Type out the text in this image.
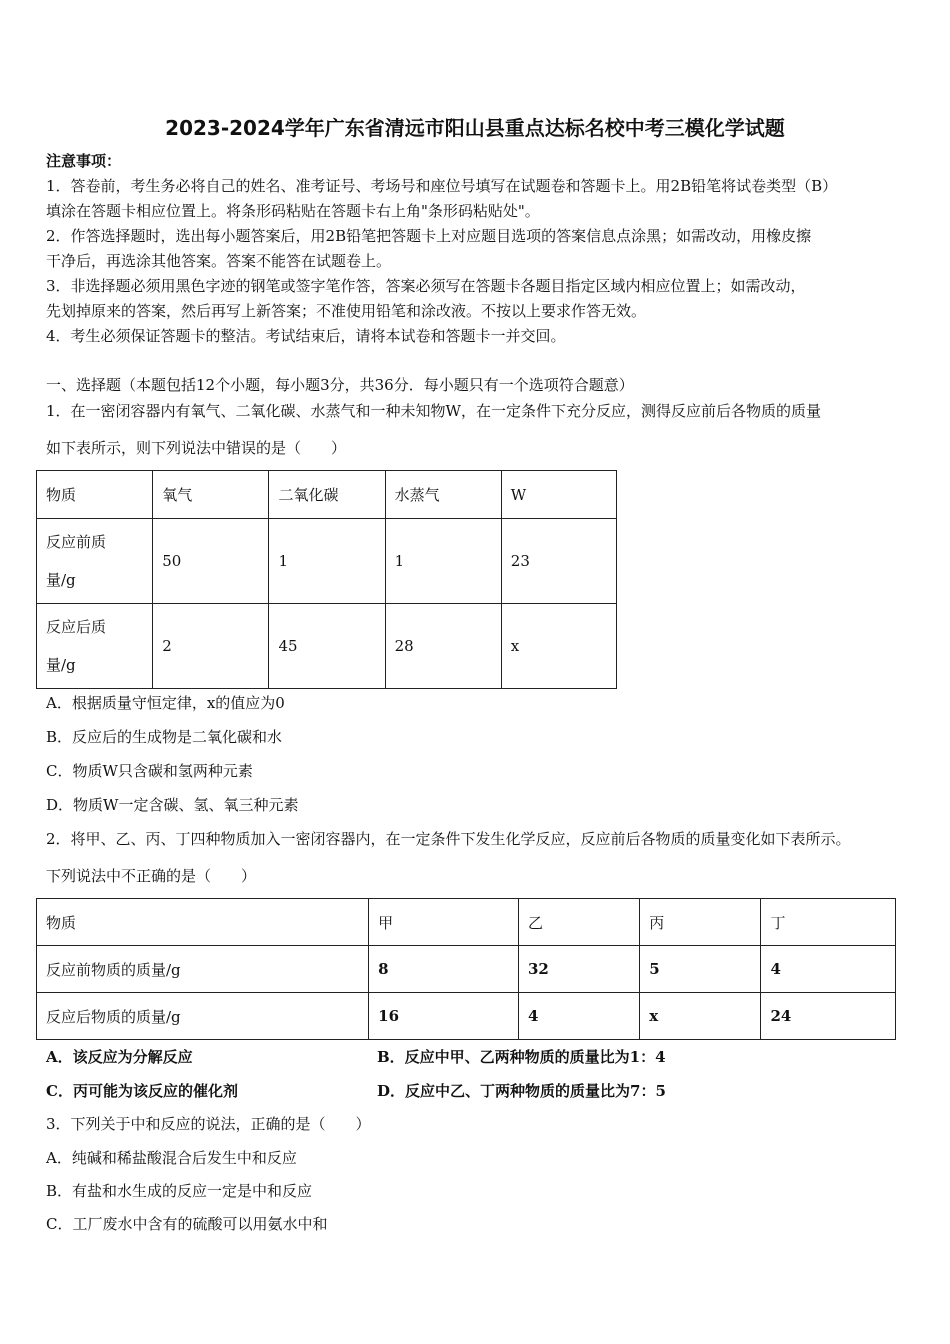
2023-2024学年广东省清远市阳山县重点达标名校中考三模化学试题
注意事项：
1．答卷前，考生务必将自己的姓名、准考证号、考场号和座位号填写在试题卷和答题卡上。用2B铅笔将试卷类型（B）
填涂在答题卡相应位置上。将条形码粘贴在答题卡右上角"条形码粘贴处"。
2．作答选择题时，选出每小题答案后，用2B铅笔把答题卡上对应题目选项的答案信息点涂黑；如需改动，用橡皮擦
干净后，再选涂其他答案。答案不能答在试题卷上。
3．非选择题必须用黑色字迹的钢笔或签字笔作答，答案必须写在答题卡各题目指定区域内相应位置上；如需改动，
先划掉原来的答案，然后再写上新答案；不准使用铅笔和涂改液。不按以上要求作答无效。
4．考生必须保证答题卡的整洁。考试结束后，请将本试卷和答题卡一并交回。
一、选择题（本题包括12个小题，每小题3分，共36分．每小题只有一个选项符合题意）
1．在一密闭容器内有氧气、二氧化碳、水蒸气和一种未知物W，在一定条件下充分反应，测得反应前后各物质的质量
如下表所示，则下列说法中错误的是（　　）
物质	氧气	二氧化碳	水蒸气	W

反应前质
量/g	50	1	1	23

反应后质
量/g	2	45	28	x
A．根据质量守恒定律，x的值应为0
B．反应后的生成物是二氧化碳和水
C．物质W只含碳和氢两种元素
D．物质W一定含碳、氢、氧三种元素
2．将甲、乙、丙、丁四种物质加入一密闭容器内，在一定条件下发生化学反应，反应前后各物质的质量变化如下表所示。
下列说法中不正确的是（　　）
物质	甲	乙	丙	丁
反应前物质的质量/g	8	32	5	4
反应后物质的质量/g	16	4	x	24
A．该反应为分解反应	B．反应中甲、乙两种物质的质量比为1：4
C．丙可能为该反应的催化剂	D．反应中乙、丁两种物质的质量比为7：5
3．下列关于中和反应的说法，正确的是（　　）
A．纯碱和稀盐酸混合后发生中和反应
B．有盐和水生成的反应一定是中和反应
C．工厂废水中含有的硫酸可以用氨水中和
